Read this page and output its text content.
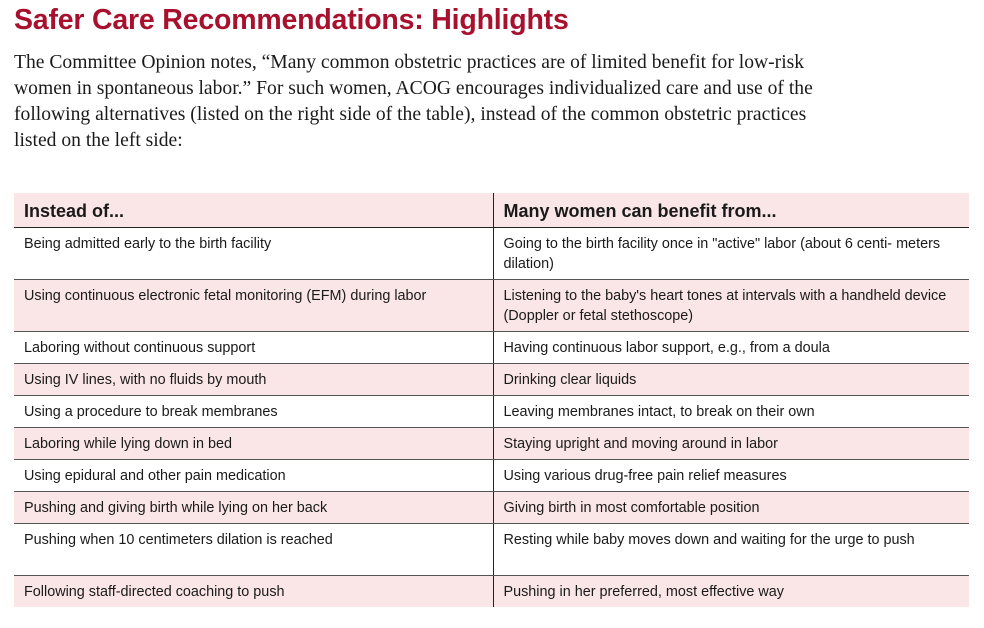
Safer Care Recommendations: Highlights
The Committee Opinion notes, “Many common obstetric practices are of limited benefit for low-risk
women in spontaneous labor.” For such women, ACOG encourages individualized care and use of the
following alternatives (listed on the right side of the table), instead of the common obstetric practices
listed on the left side:
Instead of...	Many women can benefit from...
Being admitted early to the birth facility	Going to the birth facility once in "active" labor (about 6 centi- meters dilation)
Using continuous electronic fetal monitoring (EFM) during labor	Listening to the baby's heart tones at intervals with a handheld device (Doppler or fetal stethoscope)
Laboring without continuous support	Having continuous labor support, e.g., from a doula
Using IV lines, with no fluids by mouth	Drinking clear liquids
Using a procedure to break membranes	Leaving membranes intact, to break on their own
Laboring while lying down in bed	Staying upright and moving around in labor
Using epidural and other pain medication	Using various drug-free pain relief measures
Pushing and giving birth while lying on her back	Giving birth in most comfortable position
Pushing when 10 centimeters dilation is reached	Resting while baby moves down and waiting for the urge to push
Following staff-directed coaching to push	Pushing in her preferred, most effective way
